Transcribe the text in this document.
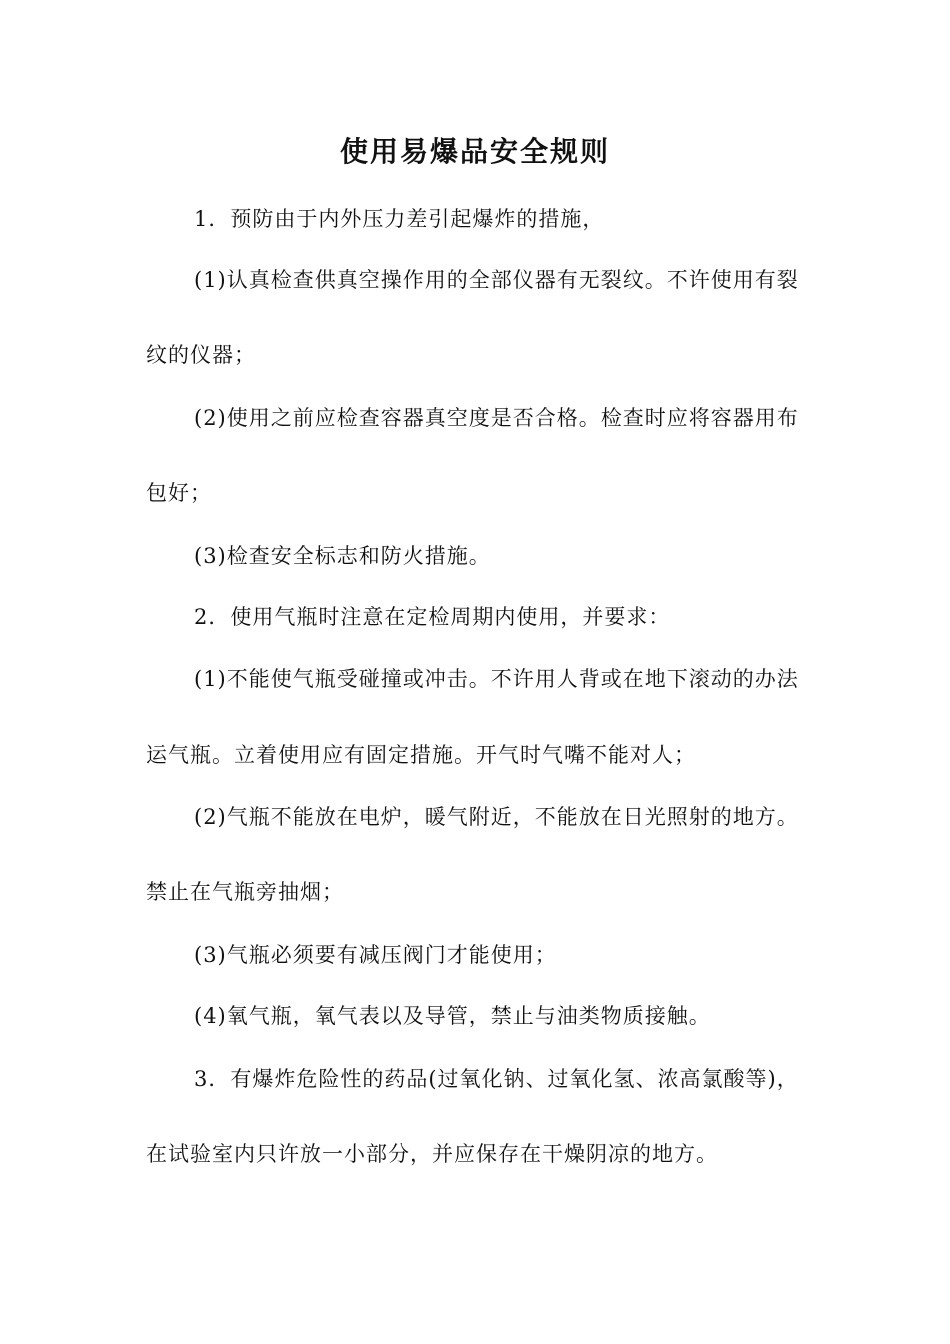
使用易爆品安全规则
1．预防由于内外压力差引起爆炸的措施，
(1)认真检查供真空操作用的全部仪器有无裂纹。不许使用有裂
纹的仪器；
(2)使用之前应检查容器真空度是否合格。检查时应将容器用布
包好；
(3)检查安全标志和防火措施。
2．使用气瓶时注意在定检周期内使用，并要求：
(1)不能使气瓶受碰撞或冲击。不许用人背或在地下滚动的办法
运气瓶。立着使用应有固定措施。开气时气嘴不能对人；
(2)气瓶不能放在电炉，暖气附近，不能放在日光照射的地方。
禁止在气瓶旁抽烟；
(3)气瓶必须要有减压阀门才能使用；
(4)氧气瓶，氧气表以及导管，禁止与油类物质接触。
3．有爆炸危险性的药品(过氧化钠、过氧化氢、浓高氯酸等)，
在试验室内只许放一小部分，并应保存在干燥阴凉的地方。
